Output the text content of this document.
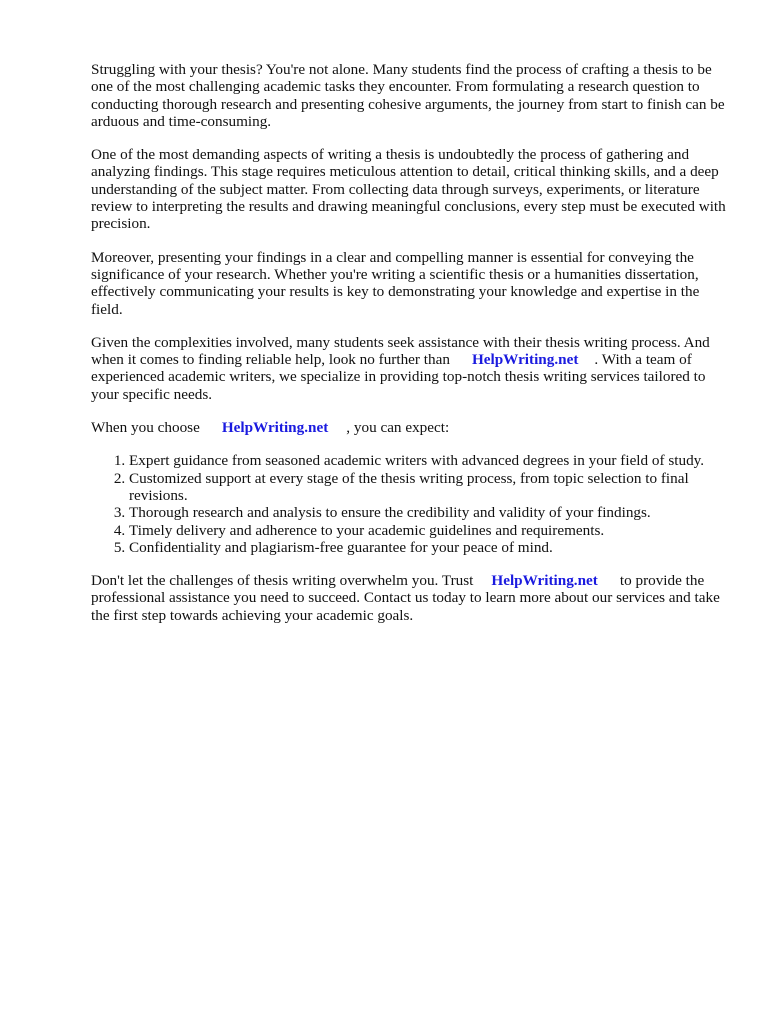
Struggling with your thesis? You're not alone. Many students find the process of crafting a thesis to be one of the most challenging academic tasks they encounter. From formulating a research question to conducting thorough research and presenting cohesive arguments, the journey from start to finish can be arduous and time-consuming.

One of the most demanding aspects of writing a thesis is undoubtedly the process of gathering and analyzing findings. This stage requires meticulous attention to detail, critical thinking skills, and a deep understanding of the subject matter. From collecting data through surveys, experiments, or literature review to interpreting the results and drawing meaningful conclusions, every step must be executed with precision.

Moreover, presenting your findings in a clear and compelling manner is essential for conveying the significance of your research. Whether you're writing a scientific thesis or a humanities dissertation, effectively communicating your results is key to demonstrating your knowledge and expertise in the field.

Given the complexities involved, many students seek assistance with their thesis writing process. And when it comes to finding reliable help, look no further than HelpWriting.net . With a team of experienced academic writers, we specialize in providing top-notch thesis writing services tailored to your specific needs.

When you choose HelpWriting.net , you can expect:

1. Expert guidance from seasoned academic writers with advanced degrees in your field of study.
2. Customized support at every stage of the thesis writing process, from topic selection to final revisions.
3. Thorough research and analysis to ensure the credibility and validity of your findings.
4. Timely delivery and adherence to your academic guidelines and requirements.
5. Confidentiality and plagiarism-free guarantee for your peace of mind.

Don't let the challenges of thesis writing overwhelm you. Trust HelpWriting.net to provide the professional assistance you need to succeed. Contact us today to learn more about our services and take the first step towards achieving your academic goals.
